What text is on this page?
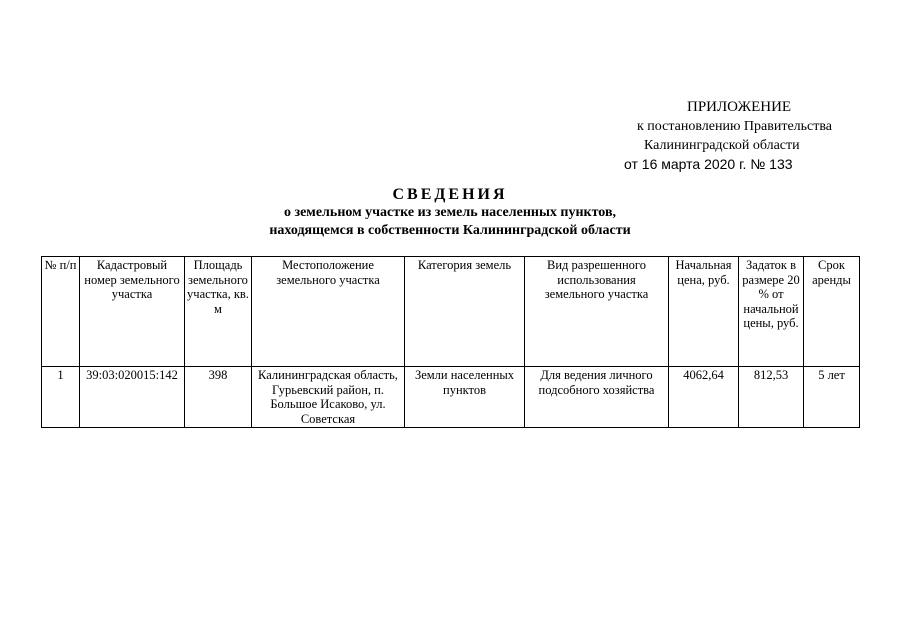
ПРИЛОЖЕНИЕ
к постановлению Правительства
Калининградской области
от 16 марта 2020 г. № 133
СВЕДЕНИЯ
о земельном участке из земель населенных пунктов,
находящемся в собственности Калининградской области
№ п/п	Кадастровый номер земельного участка	Площадь земельного участка, кв. м	Местоположение земельного участка	Категория земель	Вид разрешенного использования земельного участка	Начальная цена, руб.	Задаток в размере 20 % от начальной цены, руб.	Срок аренды
1	39:03:020015:142	398	Калининградская область, Гурьевский район, п. Большое Исаково, ул. Советская	Земли населенных пунктов	Для ведения личного подсобного хозяйства	4062,64	812,53	5 лет
